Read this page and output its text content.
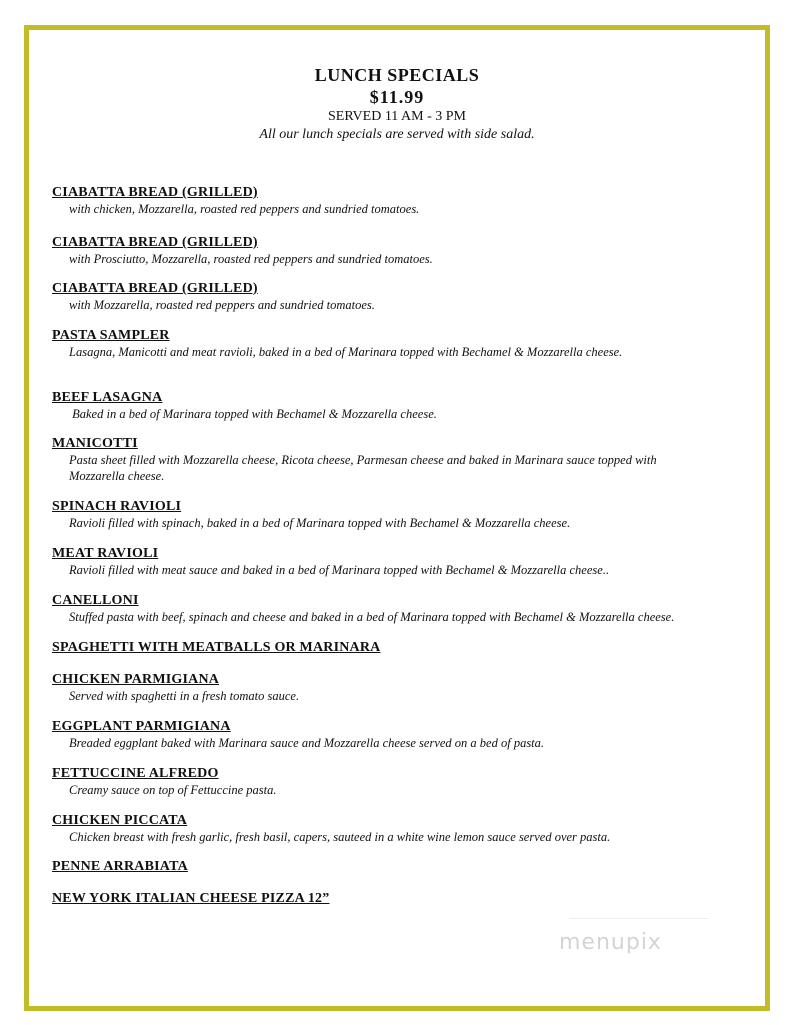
LUNCH SPECIALS
$11.99
SERVED 11 AM - 3 PM
All our lunch specials are served with side salad.
CIABATTA BREAD (GRILLED)
with chicken, Mozzarella, roasted red peppers and sundried tomatoes.
CIABATTA BREAD (GRILLED)
with Prosciutto, Mozzarella, roasted red peppers and sundried tomatoes.
CIABATTA BREAD (GRILLED)
with Mozzarella, roasted red peppers and sundried tomatoes.
PASTA SAMPLER
Lasagna, Manicotti and meat ravioli, baked in a bed of Marinara topped with Bechamel & Mozzarella cheese.
BEEF LASAGNA
Baked in a bed of Marinara topped with Bechamel & Mozzarella cheese.
MANICOTTI
Pasta sheet filled with Mozzarella cheese, Ricota cheese, Parmesan cheese and baked in Marinara sauce topped with Mozzarella cheese.
SPINACH RAVIOLI
Ravioli filled with spinach, baked in a bed of Marinara topped with Bechamel & Mozzarella cheese.
MEAT RAVIOLI
Ravioli filled with meat sauce and baked in a bed of Marinara topped with Bechamel & Mozzarella cheese..
CANELLONI
Stuffed pasta with beef, spinach and cheese and baked in a bed of Marinara topped with Bechamel & Mozzarella cheese.
SPAGHETTI WITH MEATBALLS OR MARINARA
CHICKEN PARMIGIANA
Served with spaghetti in a fresh tomato sauce.
EGGPLANT PARMIGIANA
Breaded eggplant baked with Marinara sauce and Mozzarella cheese served on a bed of pasta.
FETTUCCINE ALFREDO
Creamy sauce on top of Fettuccine pasta.
CHICKEN PICCATA
Chicken breast with fresh garlic, fresh basil, capers, sauteed in a white wine lemon sauce served over pasta.
PENNE ARRABIATA
NEW YORK ITALIAN CHEESE PIZZA 12”
menupix
